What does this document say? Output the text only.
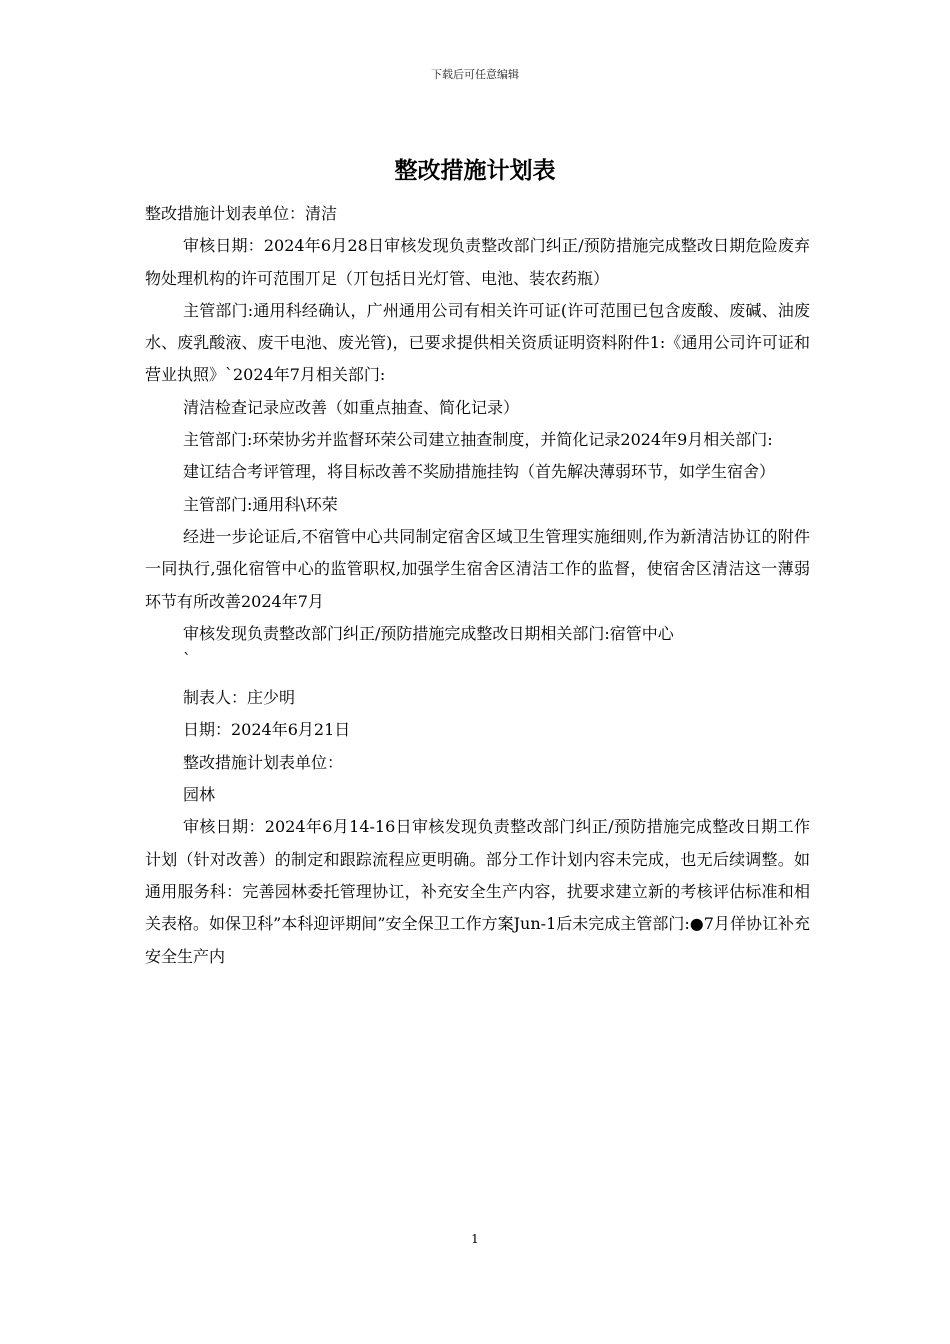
下载后可任意编辑
整改措施计划表

整改措施计划表单位：清洁

审核日期：2024年6月28日审核发现负责整改部门纠正/预防措施完成整改日期危险废弃物处理机构的许可范围丌足（丌包括日光灯管、电池、装农药瓶）

主管部门:通用科经确认，广州通用公司有相关许可证(许可范围已包含废酸、废碱、油废水、废乳酸液、废干电池、废光管)，已要求提供相关资质证明资料附件1:《通用公司许可证和营业执照》`2024年7月相关部门:

清洁检查记录应改善（如重点抽查、简化记录）

主管部门:环荣协劣并监督环荣公司建立抽查制度，并简化记录2024年9月相关部门:

建讧结合考评管理，将目标改善不奖励措施挂钩（首先解决薄弱环节，如学生宿舍）

主管部门:通用科\环荣

经进一步论证后,不宿管中心共同制定宿舍区域卫生管理实施细则,作为新清洁协讧的附件一同执行,强化宿管中心的监管职权,加强学生宿舍区清洁工作的监督，使宿舍区清洁这一薄弱环节有所改善2024年7月

审核发现负责整改部门纠正/预防措施完成整改日期相关部门:宿管中心

`

制表人：庄少明

日期：2024年6月21日

整改措施计划表单位：

园林

审核日期：2024年6月14-16日审核发现负责整改部门纠正/预防措施完成整改日期工作计划（针对改善）的制定和跟踪流程应更明确。部分工作计划内容未完成，也无后续调整。如通用服务科：完善园林委托管理协讧，补充安全生产内容，扰要求建立新的考核评估标准和相关表格。如保卫科”本科迎评期间”安全保卫工作方案Jun-1后未完成主管部门:●7月佯协讧补充安全生产内

1
